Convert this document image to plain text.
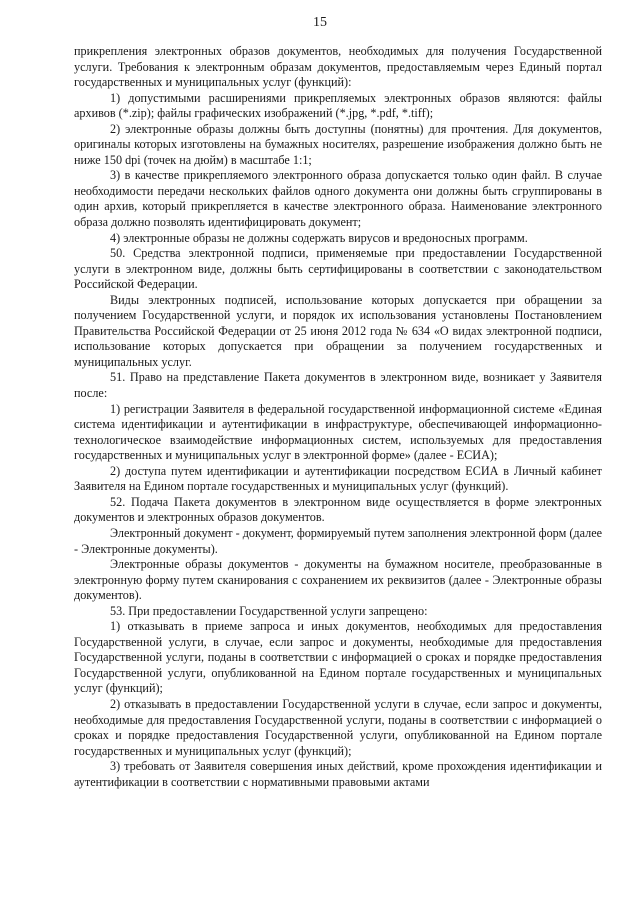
15

прикрепления электронных образов документов, необходимых для получения Государственной услуги. Требования к электронным образам документов, предоставляемым через Единый портал государственных и муниципальных услуг (функций):

1) допустимыми расширениями прикрепляемых электронных образов являются: файлы архивов (*.zip); файлы графических изображений (*.jpg, *.pdf, *.tiff);

2) электронные образы должны быть доступны (понятны) для прочтения. Для документов, оригиналы которых изготовлены на бумажных носителях, разрешение изображения должно быть не ниже 150 dpi (точек на дюйм) в масштабе 1:1;

3) в качестве прикрепляемого электронного образа допускается только один файл. В случае необходимости передачи нескольких файлов одного документа они должны быть сгруппированы в один архив, который прикрепляется в качестве электронного образа. Наименование электронного образа должно позволять идентифицировать документ;

4) электронные образы не должны содержать вирусов и вредоносных программ.

50. Средства электронной подписи, применяемые при предоставлении Государственной услуги в электронном виде, должны быть сертифицированы в соответствии с законодательством Российской Федерации.

Виды электронных подписей, использование которых допускается при обращении за получением Государственной услуги, и порядок их использования установлены Постановлением Правительства Российской Федерации от 25 июня 2012 года № 634 «О видах электронной подписи, использование которых допускается при обращении за получением государственных и муниципальных услуг.

51. Право на представление Пакета документов в электронном виде, возникает у Заявителя после:

1) регистрации Заявителя в федеральной государственной информационной системе «Единая система идентификации и аутентификации в инфраструктуре, обеспечивающей информационно-технологическое взаимодействие информационных систем, используемых для предоставления государственных и муниципальных услуг в электронной форме» (далее - ЕСИА);

2) доступа путем идентификации и аутентификации посредством ЕСИА в Личный кабинет Заявителя на Едином портале государственных и муниципальных услуг (функций).

52. Подача Пакета документов в электронном виде осуществляется в форме электронных документов и электронных образов документов.

Электронный документ - документ, формируемый путем заполнения электронной форм (далее - Электронные документы).

Электронные образы документов - документы на бумажном носителе, преобразованные в электронную форму путем сканирования с сохранением их реквизитов (далее - Электронные образы документов).

53. При предоставлении Государственной услуги запрещено:

1) отказывать в приеме запроса и иных документов, необходимых для предоставления Государственной услуги, в случае, если запрос и документы, необходимые для предоставления Государственной услуги, поданы в соответствии с информацией о сроках и порядке предоставления Государственной услуги, опубликованной на Едином портале государственных и муниципальных услуг (функций);

2) отказывать в предоставлении Государственной услуги в случае, если запрос и документы, необходимые для предоставления Государственной услуги, поданы в соответствии с информацией о сроках и порядке предоставления Государственной услуги, опубликованной на Едином портале государственных и муниципальных услуг (функций);

3) требовать от Заявителя совершения иных действий, кроме прохождения идентификации и аутентификации в соответствии с нормативными правовыми актами
